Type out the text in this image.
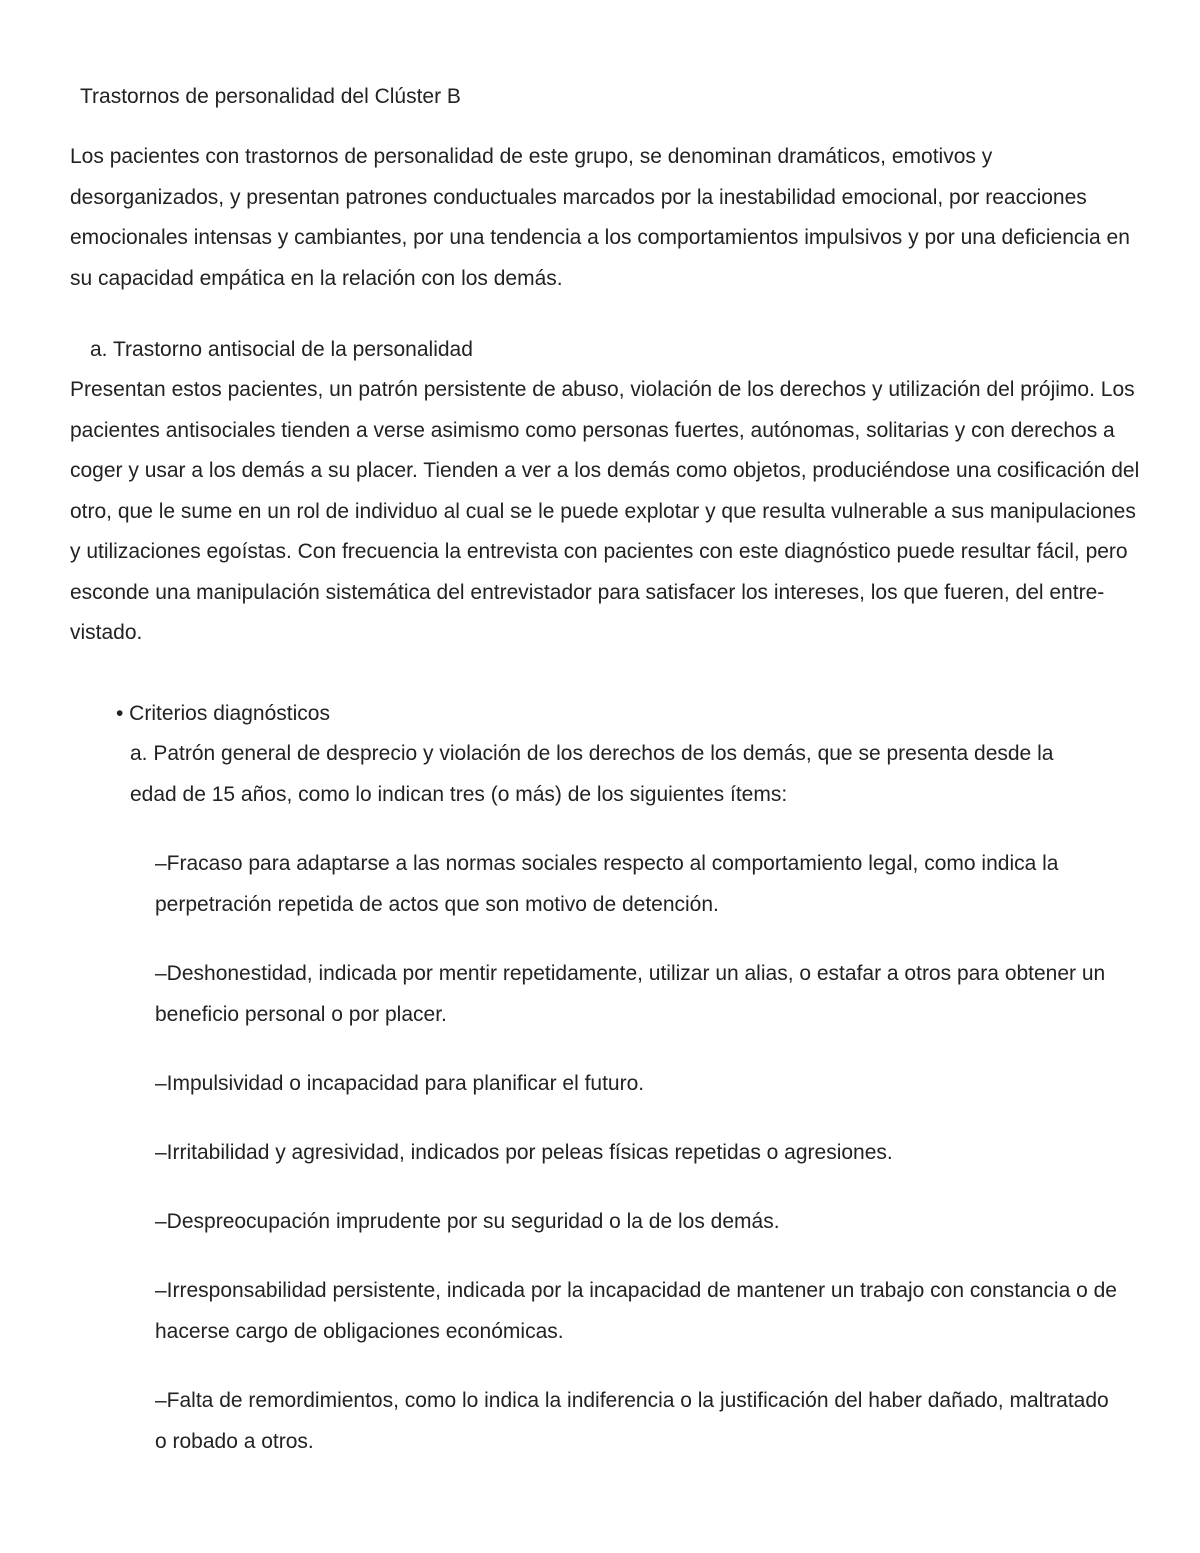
Trastornos de personalidad del Clúster B

Los pacientes con trastornos de personalidad de este grupo, se denominan dramáticos, emotivos y desorganizados, y presentan patrones conductuales marcados por la inestabilidad emocional, por reacciones emocionales intensas y cambiantes, por una tendencia a los comportamientos impulsivos y por una deficiencia en su capacidad empática en la relación con los demás.

a. Trastorno antisocial de la personalidad

Presentan estos pacientes, un patrón persistente de abuso, violación de los derechos y utilización del prójimo. Los pacientes antisociales tienden a verse asimismo como personas fuertes, autónomas, solitarias y con derechos a coger y usar a los demás a su placer. Tienden a ver a los demás como objetos, produciéndose una cosificación del otro, que le sume en un rol de individuo al cual se le puede explotar y que resulta vulnerable a sus manipulaciones y utilizaciones egoístas. Con frecuencia la entrevista con pacientes con este diagnóstico puede resultar fácil, pero esconde una manipulación sistemática del entrevistador para satisfacer los intereses, los que fueren, del entre-vistado.

• Criterios diagnósticos

a. Patrón general de desprecio y violación de los derechos de los demás, que se presenta desde la edad de 15 años, como lo indican tres (o más) de los siguientes ítems:

–Fracaso para adaptarse a las normas sociales respecto al comportamiento legal, como indica la perpetración repetida de actos que son motivo de detención.
–Deshonestidad, indicada por mentir repetidamente, utilizar un alias, o estafar a otros para obtener un beneficio personal o por placer.
–Impulsividad o incapacidad para planificar el futuro.
–Irritabilidad y agresividad, indicados por peleas físicas repetidas o agresiones.
–Despreocupación imprudente por su seguridad o la de los demás.
–Irresponsabilidad persistente, indicada por la incapacidad de mantener un trabajo con constancia o de hacerse cargo de obligaciones económicas.
–Falta de remordimientos, como lo indica la indiferencia o la justificación del haber dañado, maltratado o robado a otros.
